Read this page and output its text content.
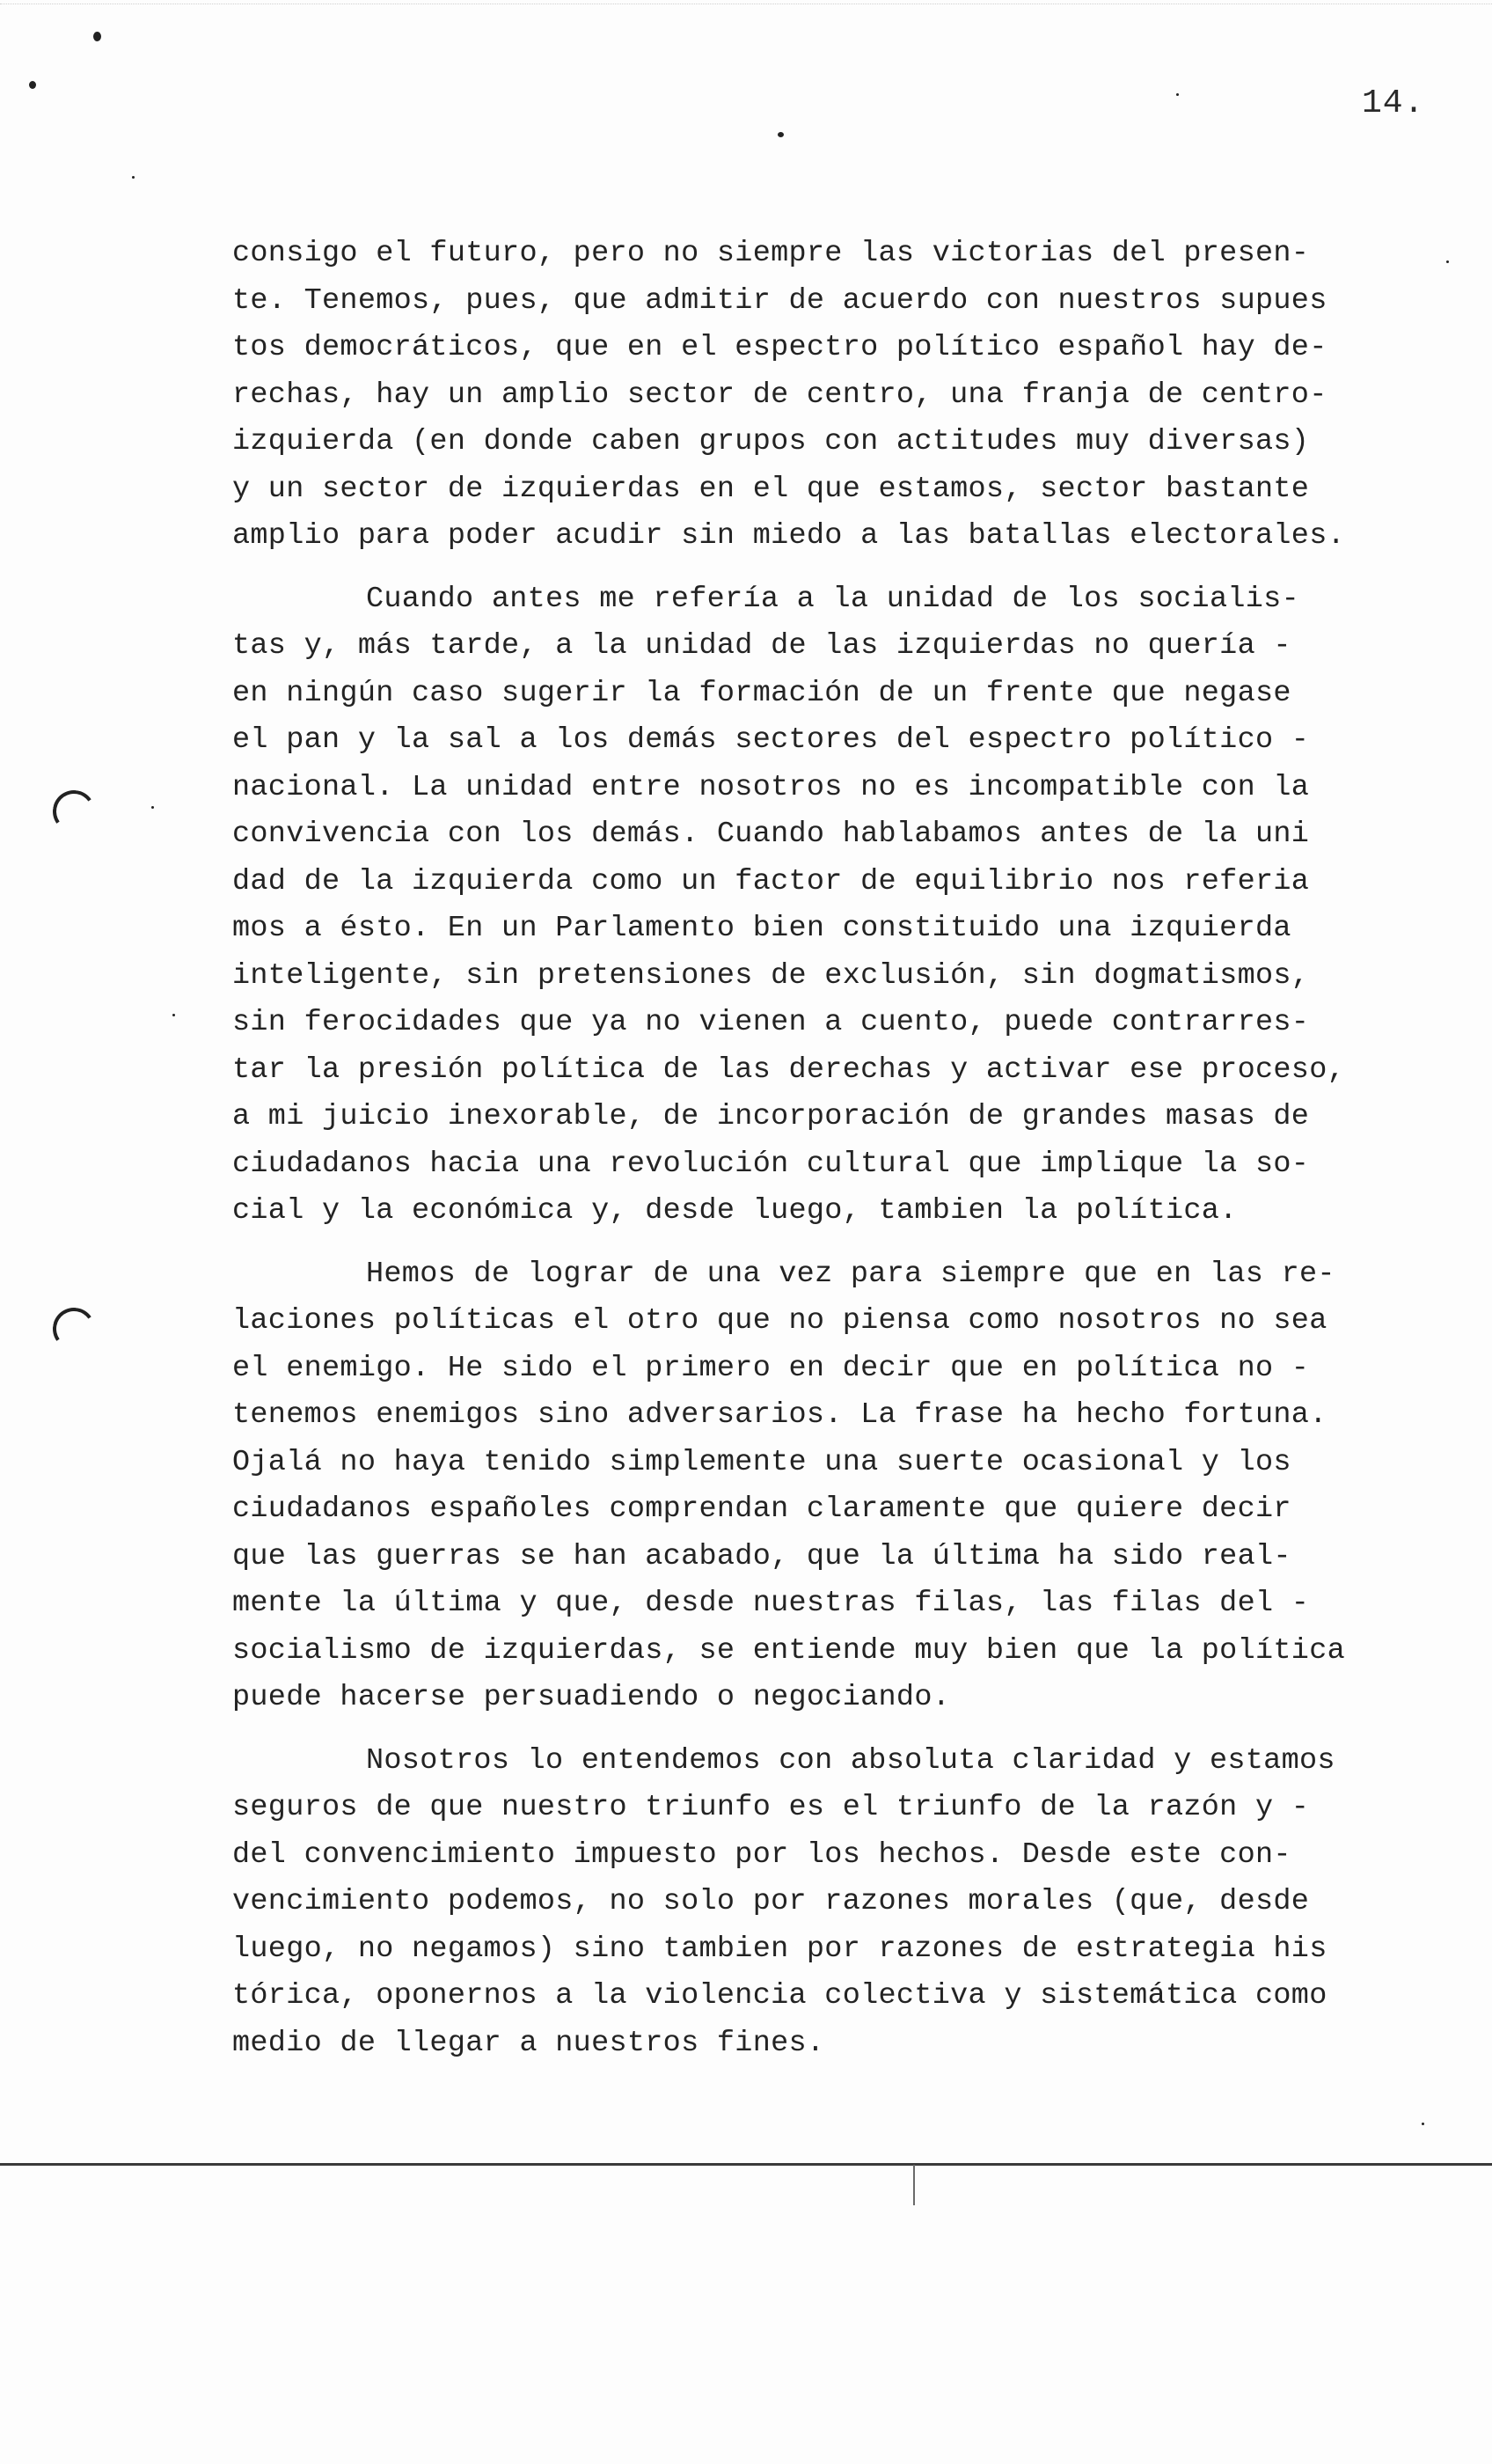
14.
consigo el futuro, pero no siempre las victorias del presen-
te. Tenemos, pues, que admitir de acuerdo con nuestros supues
tos democráticos, que en el espectro político español hay de-
rechas, hay un amplio sector de centro, una franja de centro-
izquierda (en donde caben grupos con actitudes muy diversas)
y un sector de izquierdas en el que estamos, sector bastante
amplio para poder acudir sin miedo a las batallas electorales.
Cuando antes me refería a la unidad de los socialis-
tas y, más tarde, a la unidad de las izquierdas no quería -
en ningún caso sugerir la formación de un frente que negase
el pan y la sal a los demás sectores del espectro político -
nacional. La unidad entre nosotros no es incompatible con la
convivencia con los demás. Cuando hablabamos antes de la uni
dad de la izquierda como un factor de equilibrio nos referia
mos a ésto. En un Parlamento bien constituido una izquierda
inteligente, sin pretensiones de exclusión, sin dogmatismos,
sin ferocidades que ya no vienen a cuento, puede contrarres-
tar la presión política de las derechas y activar ese proceso,
a mi juicio inexorable, de incorporación de grandes masas de
ciudadanos hacia una revolución cultural que implique la so-
cial y la económica y, desde luego, tambien la política.
Hemos de lograr de una vez para siempre que en las re-
laciones políticas el otro que no piensa como nosotros no sea
el enemigo. He sido el primero en decir que en política no -
tenemos enemigos sino adversarios. La frase ha hecho fortuna.
Ojalá no haya tenido simplemente una suerte ocasional y los
ciudadanos españoles comprendan claramente que quiere decir
que las guerras se han acabado, que la última ha sido real-
mente la última y que, desde nuestras filas, las filas del -
socialismo de izquierdas, se entiende muy bien que la política
puede hacerse persuadiendo o negociando.
Nosotros lo entendemos con absoluta claridad y estamos
seguros de que nuestro triunfo es el triunfo de la razón y -
del convencimiento impuesto por los hechos. Desde este con-
vencimiento podemos, no solo por razones morales (que, desde
luego, no negamos) sino tambien por razones de estrategia his
tórica, oponernos a la violencia colectiva y sistemática como
medio de llegar a nuestros fines.
